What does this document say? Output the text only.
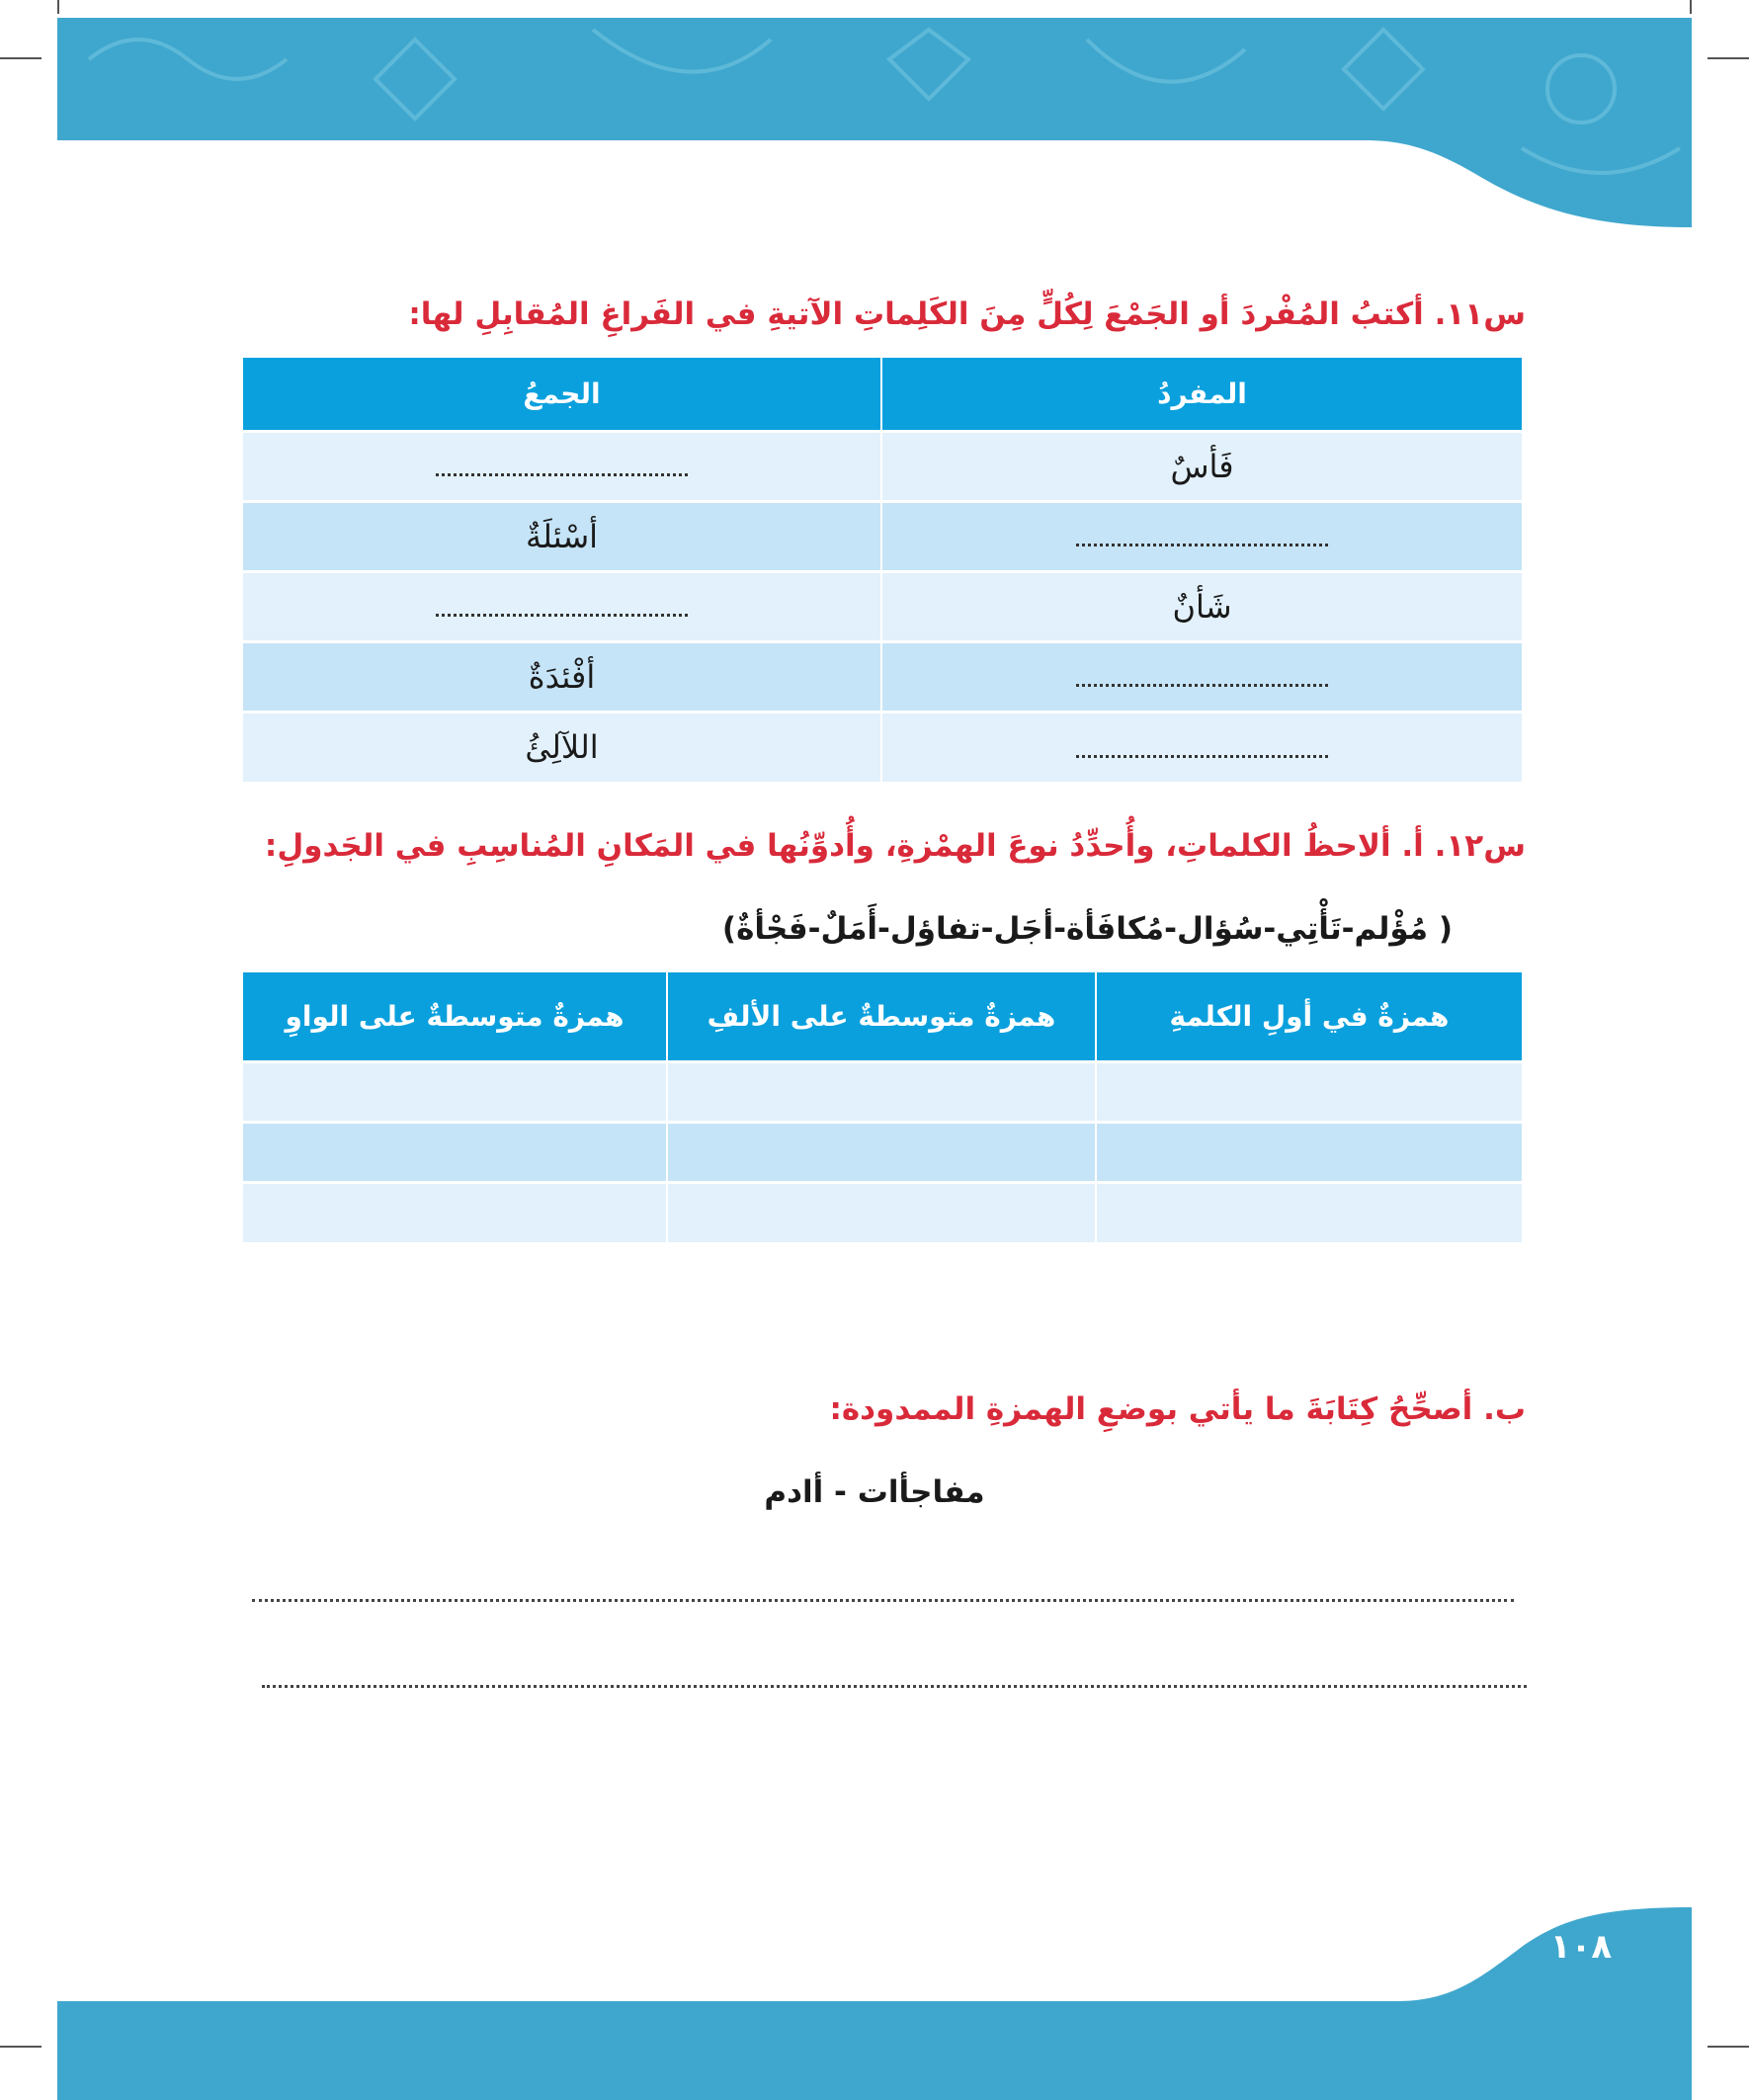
س١١. أكتبُ المُفْردَ أو الجَمْعَ لِكُلٍّ مِنَ الكَلِماتِ الآتيةِ في الفَراغِ المُقابِلِ لها:
المفردُ	الجمعُ
فَأسٌ	
	أسْئلَةٌ
شَأنٌ	
	أفْئدَةٌ
	اللآلِئُ
س١٢. أ. ألاحظُ الكلماتِ، وأُحدِّدُ نوعَ الهمْزةِ، وأُدوِّنُها في المَكانِ المُناسِبِ في الجَدولِ:
( مُؤْلم-تَأْتِي-سُؤال-مُكافَأة-أجَل-تفاؤل-أَمَلٌ-فَجْأةٌ)
همزةٌ في أولِ الكلمةِ	همزةٌ متوسطةٌ على الألفِ	همزةٌ متوسطةٌ على الواوِ

ب. أصحِّحُ كِتَابَةَ ما يأتي بوضعِ الهمزةِ الممدودة:
مفاجأات - أادم
١٠٨
